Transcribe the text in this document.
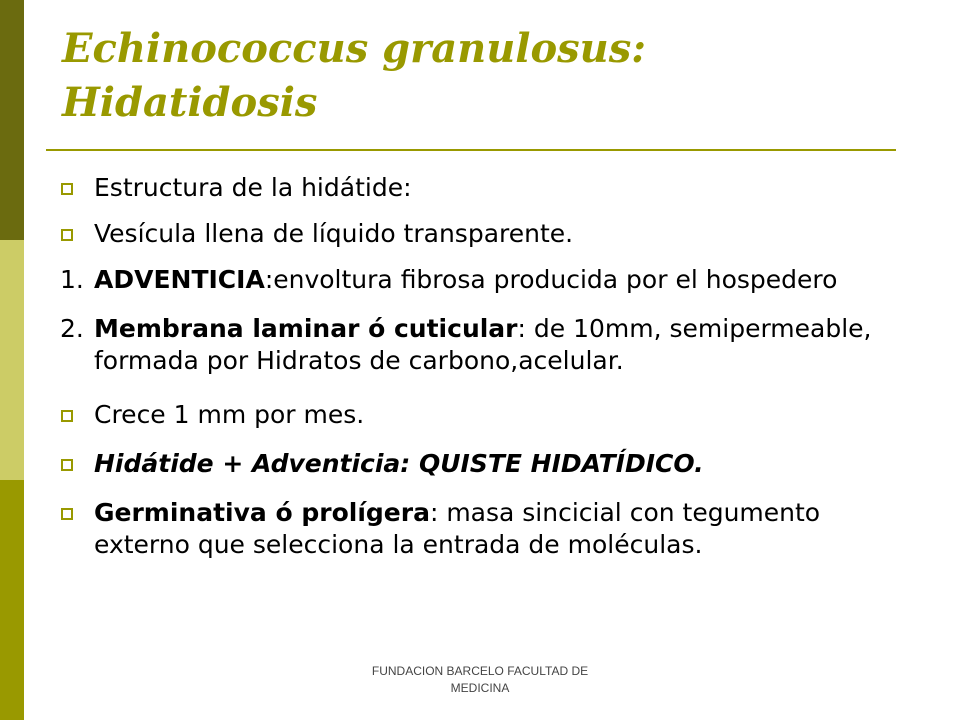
Echinococcus granulosus:
Hidatidosis
Estructura de la hidátide:
Vesícula llena de líquido transparente.
1. ADVENTICIA:envoltura fibrosa producida por el hospedero
2. Membrana laminar ó cuticular: de 10mm, semipermeable, formada por Hidratos de carbono,acelular.
Crece 1 mm por mes.
Hidátide + Adventicia: QUISTE HIDATÍDICO.
Germinativa ó prolígera: masa sincicial con tegumento externo que selecciona la entrada de moléculas.
FUNDACION BARCELO FACULTAD DE
MEDICINA
